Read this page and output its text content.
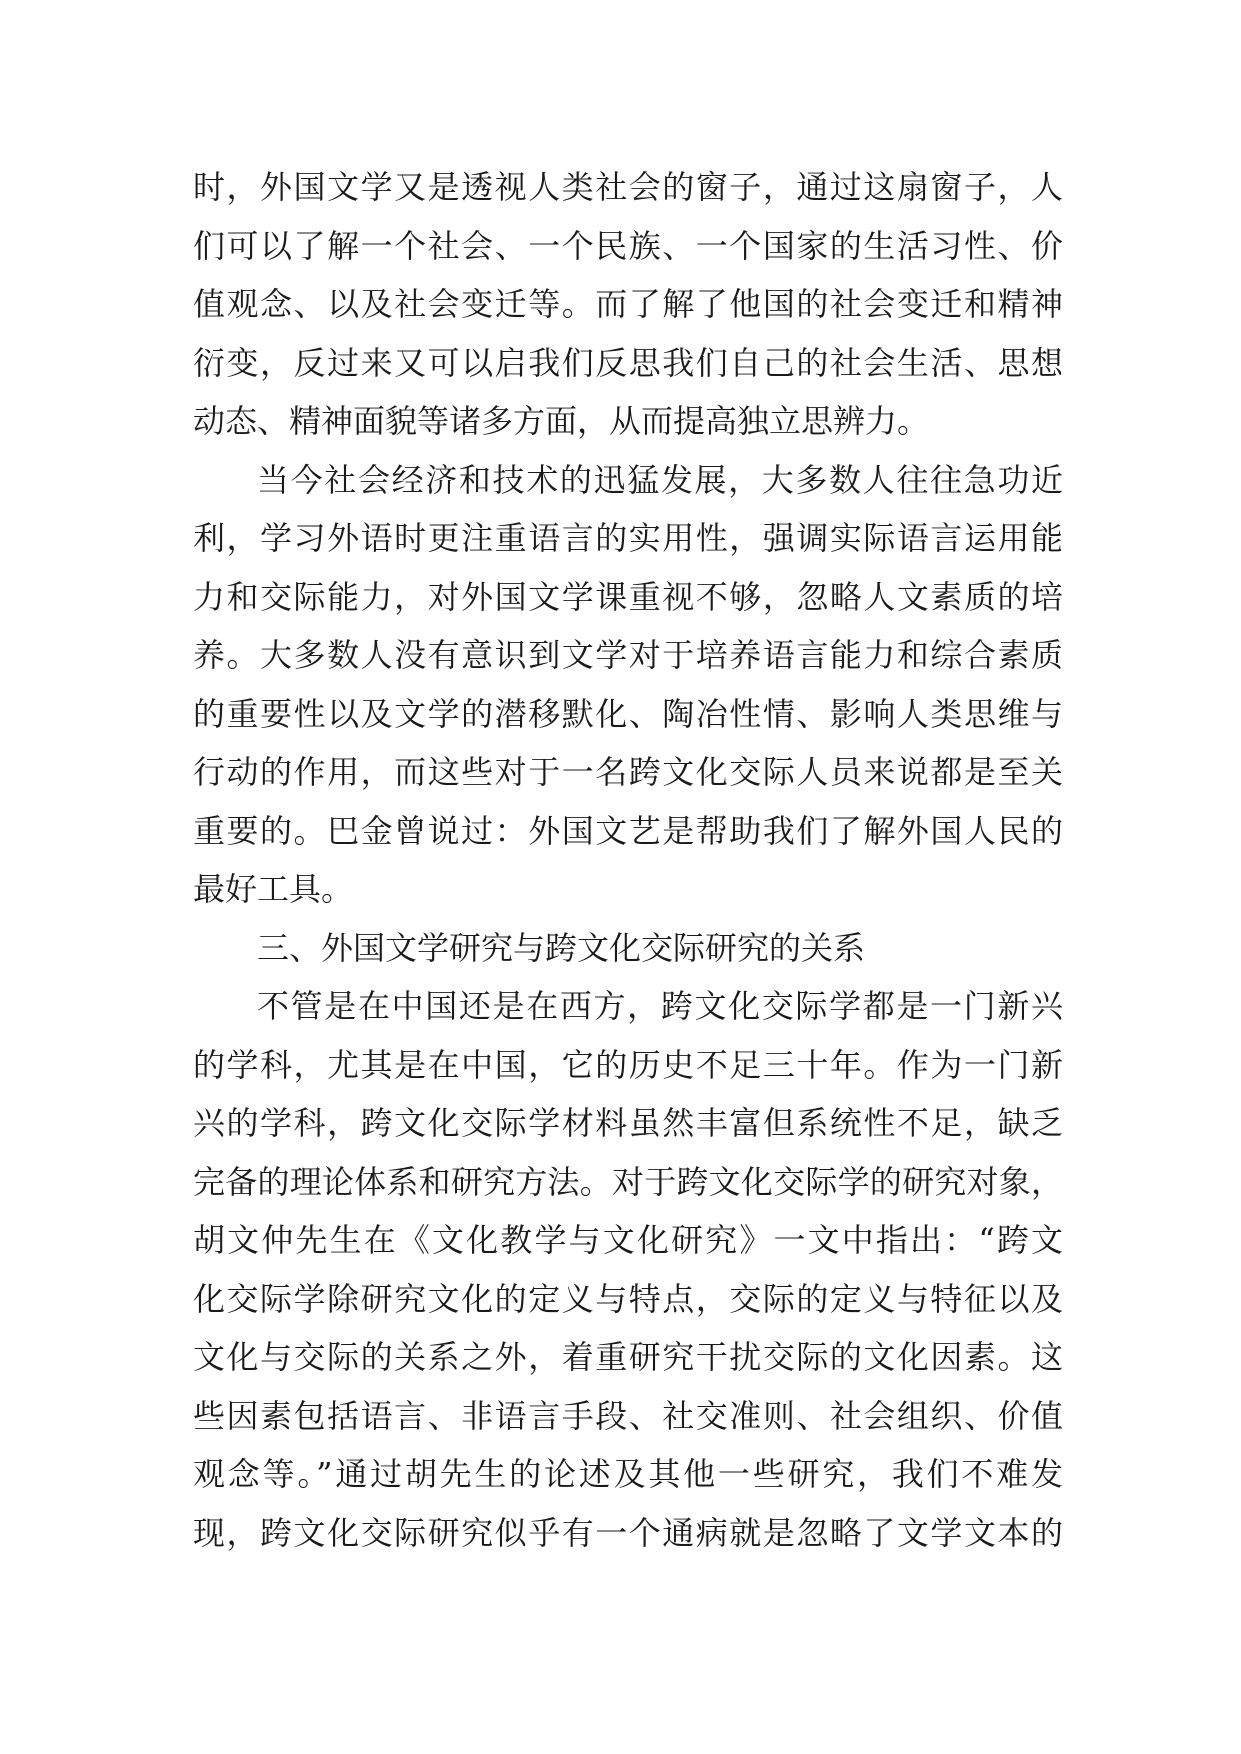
时，外国文学又是透视人类社会的窗子，通过这扇窗子，人
们可以了解一个社会、一个民族、一个国家的生活习性、价
值观念、以及社会变迁等。而了解了他国的社会变迁和精神
衍变，反过来又可以启我们反思我们自己的社会生活、思想
动态、精神面貌等诸多方面，从而提高独立思辨力。
当今社会经济和技术的迅猛发展，大多数人往往急功近
利，学习外语时更注重语言的实用性，强调实际语言运用能
力和交际能力，对外国文学课重视不够，忽略人文素质的培
养。大多数人没有意识到文学对于培养语言能力和综合素质
的重要性以及文学的潜移默化、陶冶性情、影响人类思维与
行动的作用，而这些对于一名跨文化交际人员来说都是至关
重要的。巴金曾说过：外国文艺是帮助我们了解外国人民的
最好工具。
三、外国文学研究与跨文化交际研究的关系
不管是在中国还是在西方，跨文化交际学都是一门新兴
的学科，尤其是在中国，它的历史不足三十年。作为一门新
兴的学科，跨文化交际学材料虽然丰富但系统性不足，缺乏
完备的理论体系和研究方法。对于跨文化交际学的研究对象，
胡文仲先生在《文化教学与文化研究》一文中指出：“跨文
化交际学除研究文化的定义与特点，交际的定义与特征以及
文化与交际的关系之外，着重研究干扰交际的文化因素。这
些因素包括语言、非语言手段、社交准则、社会组织、价值
观念等。”通过胡先生的论述及其他一些研究，我们不难发
现，跨文化交际研究似乎有一个通病就是忽略了文学文本的
